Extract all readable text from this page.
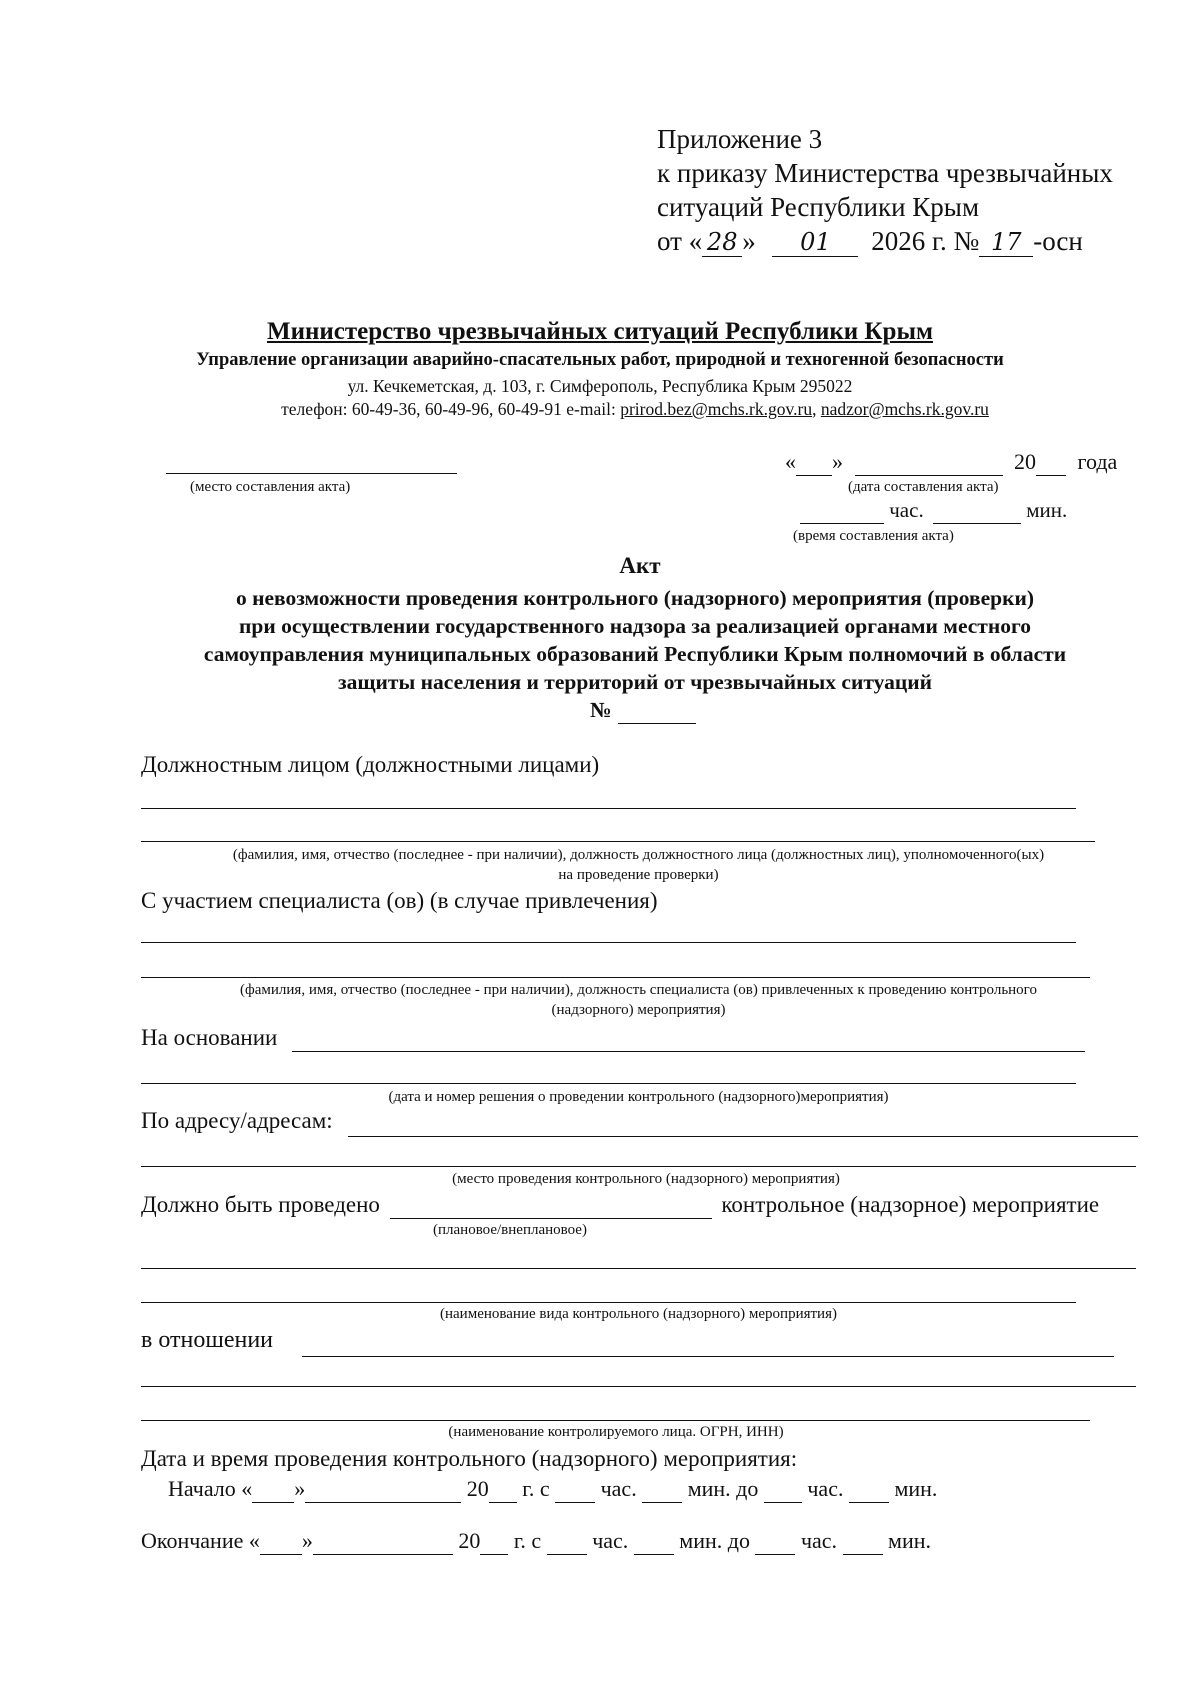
Приложение 3
к приказу Министерства чрезвычайных
ситуаций Республики Крым
от « 28 » 01 2026 г. № 17 -осн
Министерство чрезвычайных ситуаций Республики Крым
Управление организации аварийно-спасательных работ, природной и техногенной безопасности
ул. Кечкеметская, д. 103, г. Симферополь, Республика Крым 295022
телефон: 60-49-36, 60-49-96, 60-49-91 e-mail: prirod.bez@mchs.rk.gov.ru, nadzor@mchs.rk.gov.ru
(место составления акта)
« »	20 года
(дата составления акта)
час.	мин.
(время составления акта)
Акт
о невозможности проведения контрольного (надзорного) мероприятия (проверки)
при осуществлении государственного надзора за реализацией органами местного
самоуправления муниципальных образований Республики Крым полномочий в области
защиты населения и территорий от чрезвычайных ситуаций
№
Должностным лицом (должностными лицами)
(фамилия, имя, отчество (последнее - при наличии), должность должностного лица (должностных лиц), уполномоченного(ых)
на проведение проверки)
С участием специалиста (ов) (в случае привлечения)
(фамилия, имя, отчество (последнее - при наличии), должность специалиста (ов) привлеченных к проведению контрольного
(надзорного) мероприятия)
На основании
(дата и номер решения о проведении контрольного (надзорного)мероприятия)
По адресу/адресам:
(место проведения контрольного (надзорного) мероприятия)
Должно быть проведено	контрольное (надзорное) мероприятие
(плановое/внеплановое)
(наименование вида контрольного (надзорного) мероприятия)
в отношении
(наименование контролируемого лица. ОГРН, ИНН)
Дата и время проведения контрольного (надзорного) мероприятия:
Начало « »	20 г. с час. мин. до час. мин.
Окончание « »	20 г. с час. мин. до час. мин.
